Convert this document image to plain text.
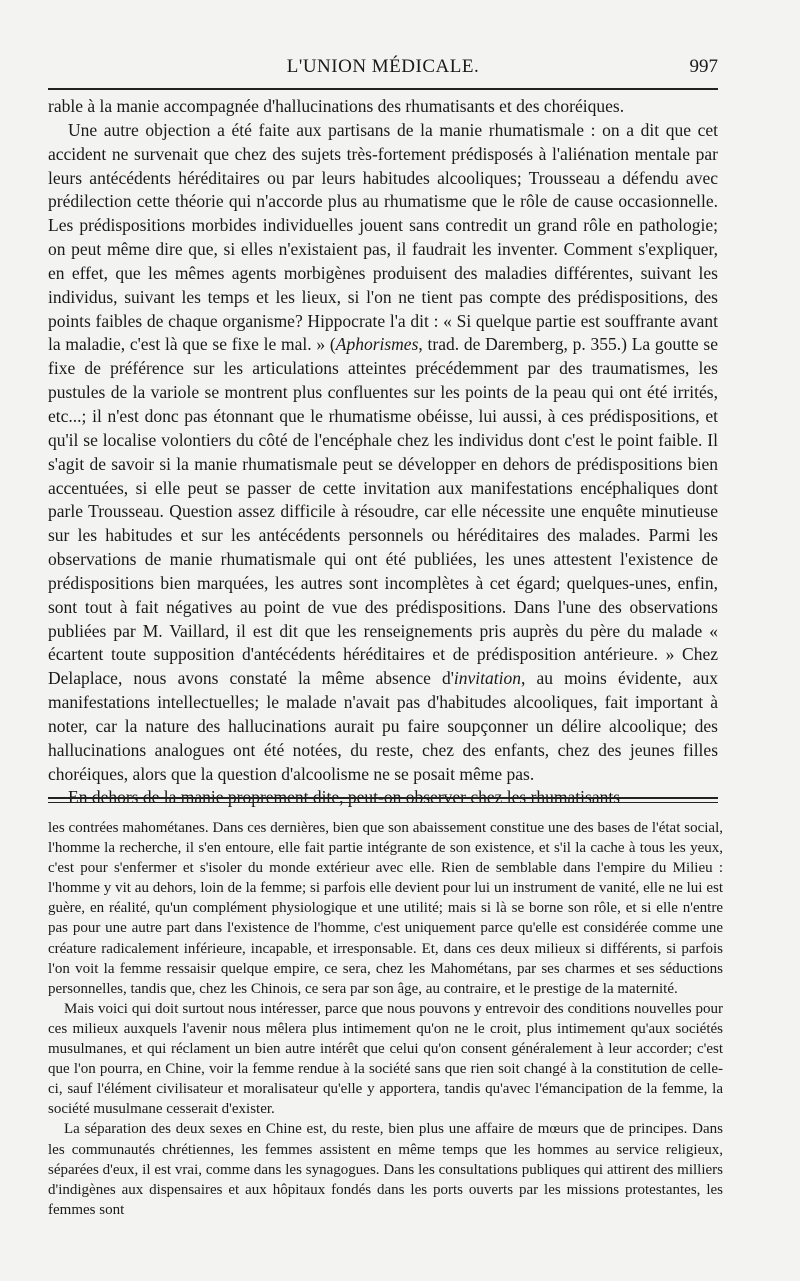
L'UNION MÉDICALE.	997

rable à la manie accompagnée d'hallucinations des rhumatisants et des choréiques.

Une autre objection a été faite aux partisans de la manie rhumatismale : on a dit que cet accident ne survenait que chez des sujets très-fortement prédisposés à l'aliénation mentale par leurs antécédents héréditaires ou par leurs habitudes alcooliques; Trousseau a défendu avec prédilection cette théorie qui n'accorde plus au rhumatisme que le rôle de cause occasionnelle. Les prédispositions morbides individuelles jouent sans contredit un grand rôle en pathologie; on peut même dire que, si elles n'existaient pas, il faudrait les inventer. Comment s'expliquer, en effet, que les mêmes agents morbigènes produisent des maladies différentes, suivant les individus, suivant les temps et les lieux, si l'on ne tient pas compte des prédispositions, des points faibles de chaque organisme? Hippocrate l'a dit : « Si quelque partie est souffrante avant la maladie, c'est là que se fixe le mal. » (Aphorismes, trad. de Daremberg, p. 355.) La goutte se fixe de préférence sur les articulations atteintes précédemment par des traumatismes, les pustules de la variole se montrent plus confluentes sur les points de la peau qui ont été irrités, etc...; il n'est donc pas étonnant que le rhumatisme obéisse, lui aussi, à ces prédispositions, et qu'il se localise volontiers du côté de l'encéphale chez les individus dont c'est le point faible. Il s'agit de savoir si la manie rhumatismale peut se développer en dehors de prédispositions bien accentuées, si elle peut se passer de cette invitation aux manifestations encéphaliques dont parle Trousseau. Question assez difficile à résoudre, car elle nécessite une enquête minutieuse sur les habitudes et sur les antécédents personnels ou héréditaires des malades. Parmi les observations de manie rhumatismale qui ont été publiées, les unes attestent l'existence de prédispositions bien marquées, les autres sont incomplètes à cet égard; quelques-unes, enfin, sont tout à fait négatives au point de vue des prédispositions. Dans l'une des observations publiées par M. Vaillard, il est dit que les renseignements pris auprès du père du malade « écartent toute supposition d'antécédents héréditaires et de prédisposition antérieure. » Chez Delaplace, nous avons constaté la même absence d'invitation, au moins évidente, aux manifestations intellectuelles; le malade n'avait pas d'habitudes alcooliques, fait important à noter, car la nature des hallucinations aurait pu faire soupçonner un délire alcoolique; des hallucinations analogues ont été notées, du reste, chez des enfants, chez des jeunes filles choréiques, alors que la question d'alcoolisme ne se posait même pas.

En dehors de la manie proprement dite, peut-on observer chez les rhumatisants

les contrées mahométanes. Dans ces dernières, bien que son abaissement constitue une des bases de l'état social, l'homme la recherche, il s'en entoure, elle fait partie intégrante de son existence, et s'il la cache à tous les yeux, c'est pour s'enfermer et s'isoler du monde extérieur avec elle. Rien de semblable dans l'empire du Milieu : l'homme y vit au dehors, loin de la femme; si parfois elle devient pour lui un instrument de vanité, elle ne lui est guère, en réalité, qu'un complément physiologique et une utilité; mais si là se borne son rôle, et si elle n'entre pas pour une autre part dans l'existence de l'homme, c'est uniquement parce qu'elle est considérée comme une créature radicalement inférieure, incapable, et irresponsable. Et, dans ces deux milieux si différents, si parfois l'on voit la femme ressaisir quelque empire, ce sera, chez les Mahométans, par ses charmes et ses séductions personnelles, tandis que, chez les Chinois, ce sera par son âge, au contraire, et le prestige de la maternité.

Mais voici qui doit surtout nous intéresser, parce que nous pouvons y entrevoir des conditions nouvelles pour ces milieux auxquels l'avenir nous mêlera plus intimement qu'on ne le croit, plus intimement qu'aux sociétés musulmanes, et qui réclament un bien autre intérêt que celui qu'on consent généralement à leur accorder; c'est que l'on pourra, en Chine, voir la femme rendue à la société sans que rien soit changé à la constitution de celle-ci, sauf l'élément civilisateur et moralisateur qu'elle y apportera, tandis qu'avec l'émancipation de la femme, la société musulmane cesserait d'exister.

La séparation des deux sexes en Chine est, du reste, bien plus une affaire de mœurs que de principes. Dans les communautés chrétiennes, les femmes assistent en même temps que les hommes au service religieux, séparées d'eux, il est vrai, comme dans les synagogues. Dans les consultations publiques qui attirent des milliers d'indigènes aux dispensaires et aux hôpitaux fondés dans les ports ouverts par les missions protestantes, les femmes sont
